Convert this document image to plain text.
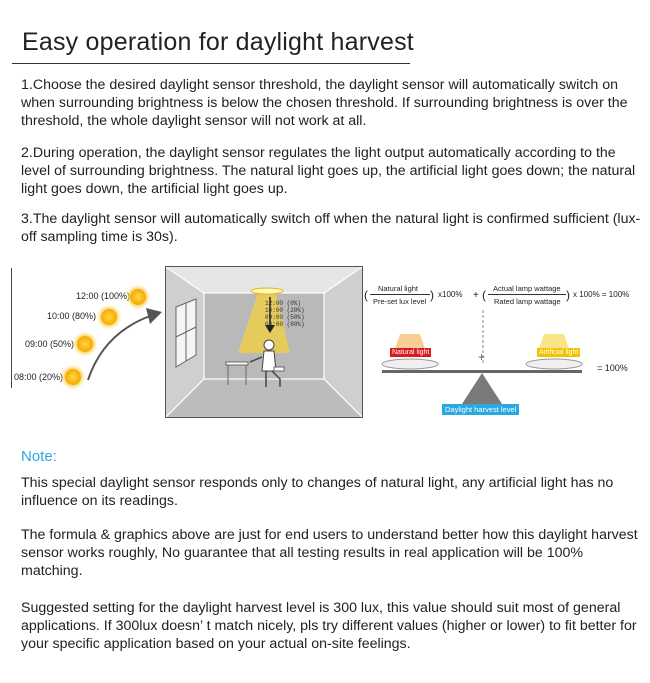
Easy operation for daylight harvest
1.Choose the desired daylight sensor threshold, the daylight sensor will automatically switch on when surrounding brightness is below the chosen threshold. If surrounding brightness is over the threshold, the whole daylight sensor will not work at all.
2.During operation, the daylight sensor regulates the light output automatically according to the level of surrounding brightness. The natural light goes up, the artificial light goes down; the natural light goes down, the artificial light goes up.
3.The daylight sensor will automatically switch off when the natural light is confirmed sufficient (lux-off sampling time is 30s).
12:00 (100%)
10:00 (80%)
09:00 (50%)
08:00 (20%)
12:00 (0%)
10:00 (20%)
09:00 (50%)
08:00 (80%)
Natural light
Pre-set lux level
(	) x100% +
Actual lamp wattage
Rated lamp wattage
(	) x 100% = 100%
+
Natural light	Artificial light
= 100%
Daylight harvest level
Note:
This special daylight sensor responds only to changes of natural light, any artificial light has no influence on its readings.
The formula & graphics above are just for end users to understand better how this daylight harvest sensor works roughly, No guarantee that all testing results in real application will be 100% matching.
Suggested setting for the daylight harvest level is 300 lux, this value should suit most of general applications. If 300lux doesn’ t match nicely, pls try different values (higher or lower) to fit better for your specific application based on your actual on-site feelings.
